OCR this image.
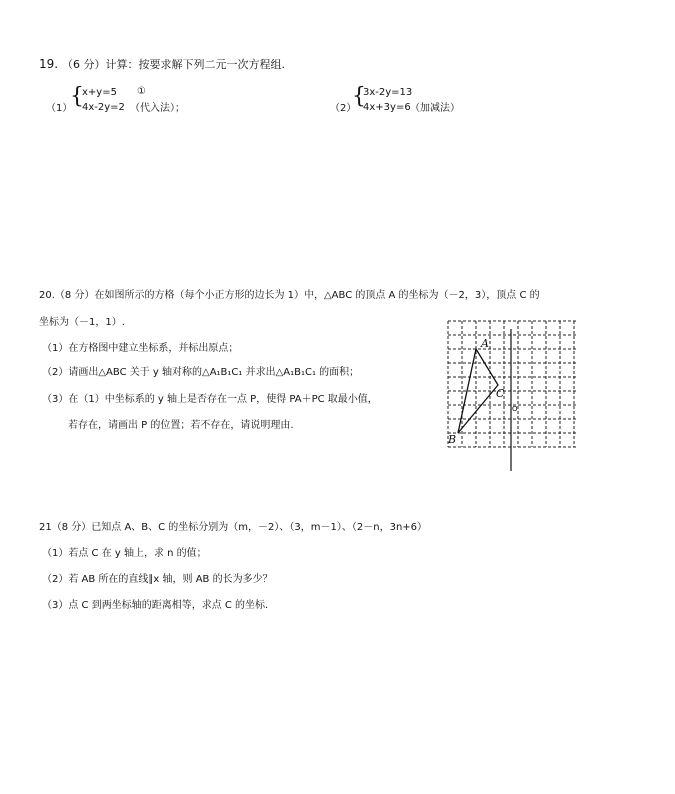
19. （6 分）计算：按要求解下列二元一次方程组.
（1）
{
x+y=5 ①
4x-2y=2 （代入法）；	（2）
{
3x-2y=13
4x+3y=6 （加减法）
20.（8 分）在如图所示的方格（每个小正方形的边长为 1）中，△ABC 的顶点 A 的坐标为（－2，3），顶点 C 的
坐标为（－1，1）.
（1）在方格图中建立坐标系，并标出原点；
（2）请画出△ABC 关于 y 轴对称的△A₁B₁C₁ 并求出△A₁B₁C₁ 的面积；
（3）在（1）中坐标系的 y 轴上是否存在一点 P，使得 PA＋PC 取最小值，
若存在，请画出 P 的位置；若不存在，请说明理由.
A
B
C
O
21（8 分）已知点 A、B、C 的坐标分别为（m，－2）、（3，m－1）、（2－n，3n+6）
（1）若点 C 在 y 轴上，求 n 的值；
（2）若 AB 所在的直线∥x 轴，则 AB 的长为多少？
（3）点 C 到两坐标轴的距离相等，求点 C 的坐标.
